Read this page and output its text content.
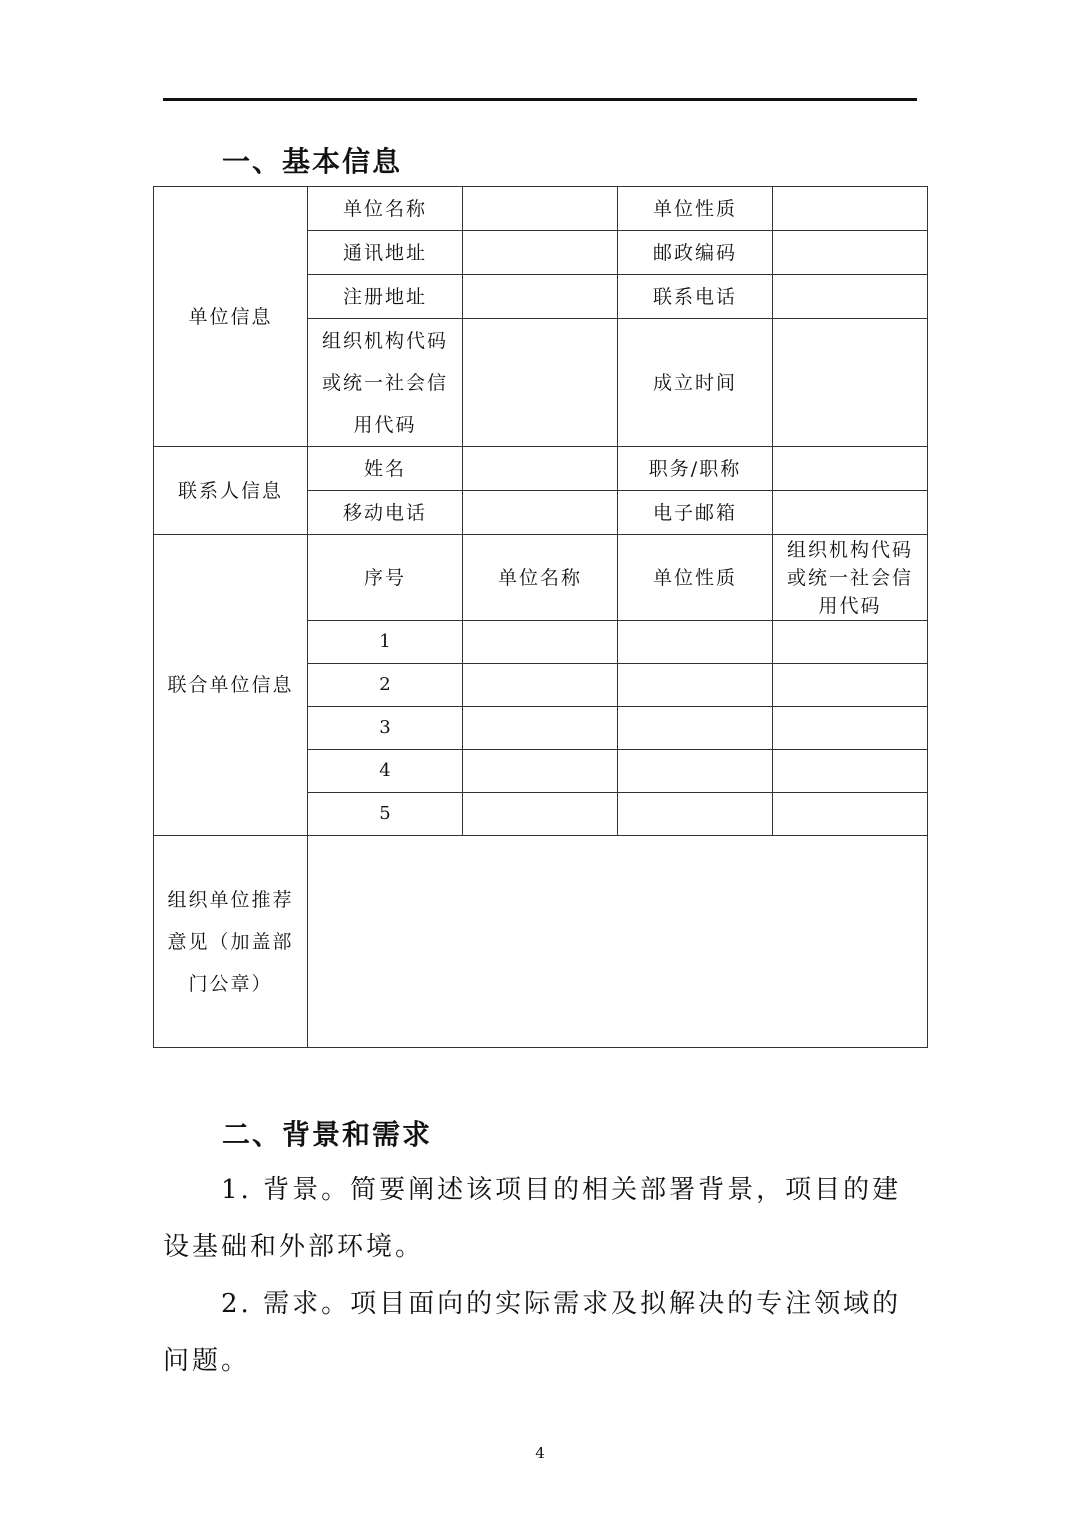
一、基本信息
单位信息	单位名称		单位性质	
	通讯地址		邮政编码	
	注册地址		联系电话	
	组织机构代码或统一社会信用代码		成立时间	
联系人信息	姓名		职务/职称	
	移动电话		电子邮箱	
联合单位信息	序号	单位名称	单位性质	组织机构代码或统一社会信用代码
	1			
	2			
	3			
	4			
	5			
组织单位推荐意见（加盖部门公章）				
二、背景和需求

1. 背景。简要阐述该项目的相关部署背景，项目的建设基础和外部环境。

2. 需求。项目面向的实际需求及拟解决的专注领域的问题。

4
